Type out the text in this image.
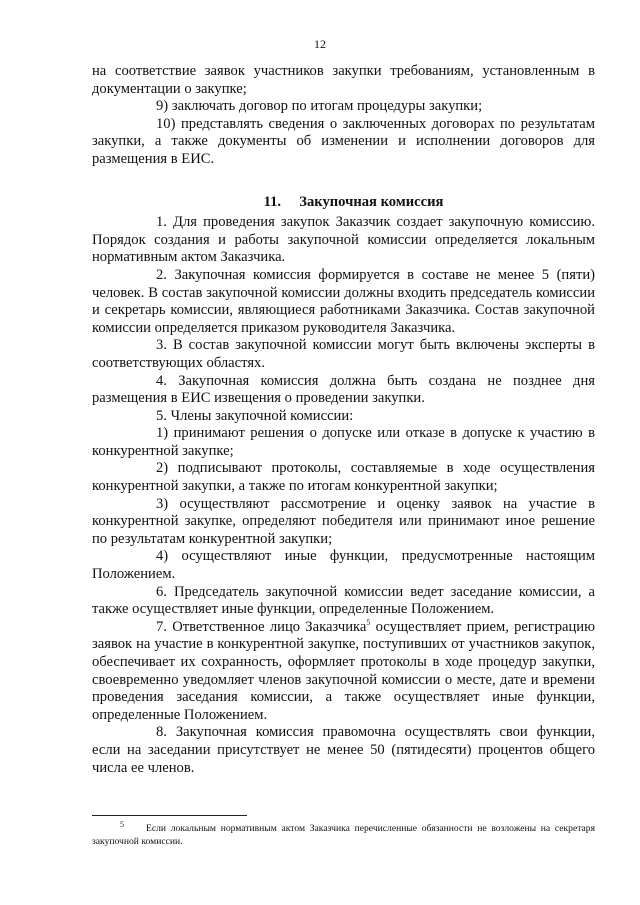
12

на соответствие заявок участников закупки требованиям, установленным в документации о закупке;

9) заключать договор по итогам процедуры закупки;

10) представлять сведения о заключенных договорах по результатам закупки, а также документы об изменении и исполнении договоров для размещения в ЕИС.

11. Закупочная комиссия

1. Для проведения закупок Заказчик создает закупочную комиссию. Порядок создания и работы закупочной комиссии определяется локальным нормативным актом Заказчика.

2. Закупочная комиссия формируется в составе не менее 5 (пяти) человек. В состав закупочной комиссии должны входить председатель комиссии и секретарь комиссии, являющиеся работниками Заказчика. Состав закупочной комиссии определяется приказом руководителя Заказчика.

3. В состав закупочной комиссии могут быть включены эксперты в соответствующих областях.

4. Закупочная комиссия должна быть создана не позднее дня размещения в ЕИС извещения о проведении закупки.

5. Члены закупочной комиссии:

1) принимают решения о допуске или отказе в допуске к участию в конкурентной закупке;

2) подписывают протоколы, составляемые в ходе осуществления конкурентной закупки, а также по итогам конкурентной закупки;

3) осуществляют рассмотрение и оценку заявок на участие в конкурентной закупке, определяют победителя или принимают иное решение по результатам конкурентной закупки;

4) осуществляют иные функции, предусмотренные настоящим Положением.

6. Председатель закупочной комиссии ведет заседание комиссии, а также осуществляет иные функции, определенные Положением.

7. Ответственное лицо Заказчика$^5$ осуществляет прием, регистрацию заявок на участие в конкурентной закупке, поступивших от участников закупок, обеспечивает их сохранность, оформляет протоколы в ходе процедур закупки, своевременно уведомляет членов закупочной комиссии о месте, дате и времени проведения заседания комиссии, а также осуществляет иные функции, определенные Положением.

8. Закупочная комиссия правомочна осуществлять свои функции, если на заседании присутствует не менее 50 (пятидесяти) процентов общего числа ее членов.

5 Если локальным нормативным актом Заказчика перечисленные обязанности не возложены на секретаря закупочной комиссии.
